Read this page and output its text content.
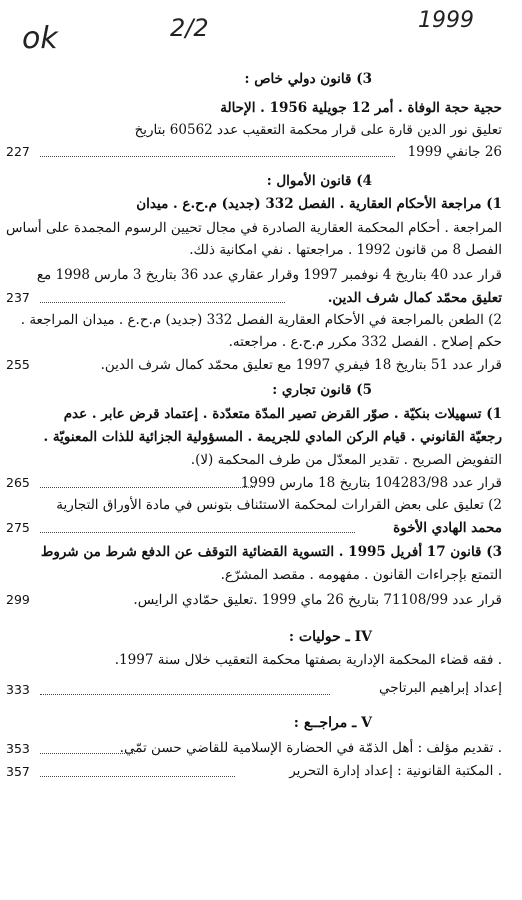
ok	2/2	1999
3) قانون دولي خاص :
حجية حجة الوفاة . أمر 12 جويلية 1956 . الإحالة
تعليق نور الدين قارة على قرار محكمة التعقيب عدد 60562 بتاريخ
26 جانفي 1999
227
4) قانون الأموال :
1) مراجعة الأحكام العقارية . الفصل 332 (جديد) م.ح.ع . ميدان
المراجعة . أحكام المحكمة العقارية الصادرة في مجال تحيين الرسوم المجمدة على أساس
الفصل 8 من قانون 1992 . مراجعتها . نفي امكانية ذلك.
قرار عدد 40 بتاريخ 4 نوفمبر 1997 وقرار عقاري عدد 36 بتاريخ 3 مارس 1998 مع
تعليق محمّد كمال شرف الدين.
237
2) الطعن بالمراجعة في الأحكام العقارية الفصل 332 (جديد) م.ح.ع . ميدان المراجعة .
حكم إصلاح . الفصل 332 مكرر م.ح.ع . مراجعته.
قرار عدد 51 بتاريخ 18 فيفري 1997 مع تعليق محمّد كمال شرف الدين.
255
5) قانون تجاري :
1) تسهيلات بنكيّة . صوّر القرض تصير المدّة متعدّدة . إعتماد قرض عابر . عدم
رجعيّة القانوني . قيام الركن المادي للجريمة . المسؤولية الجزائية للذات المعنويّة .
التفويض الصريح . تقدير المعدّل من طرف المحكمة (لا).
قرار عدد 104283/98 بتاريخ 18 مارس 1999
265
2) تعليق على بعض القرارات لمحكمة الاستئناف بتونس في مادة الأوراق التجارية
محمد الهادي الأخوة
275
3) قانون 17 أفريل 1995 . التسوية القضائية التوقف عن الدفع شرط من شروط
التمتع بإجراءات القانون . مفهومه . مقصد المشرّع.
قرار عدد 71108/99 بتاريخ 26 ماي 1999 .تعليق حمّادي الرايس.
299
IV ـ حوليات :
. فقه قضاء المحكمة الإدارية بصفتها محكمة التعقيب خلال سنة 1997.
إعداد إبراهيم البرتاجي
333
V ـ مراجــع :
. تقديم مؤلف : أهل الذمّة في الحضارة الإسلامية للقاضي حسن تمّي.
353
. المكتبة القانونية : إعداد إدارة التحرير
357
